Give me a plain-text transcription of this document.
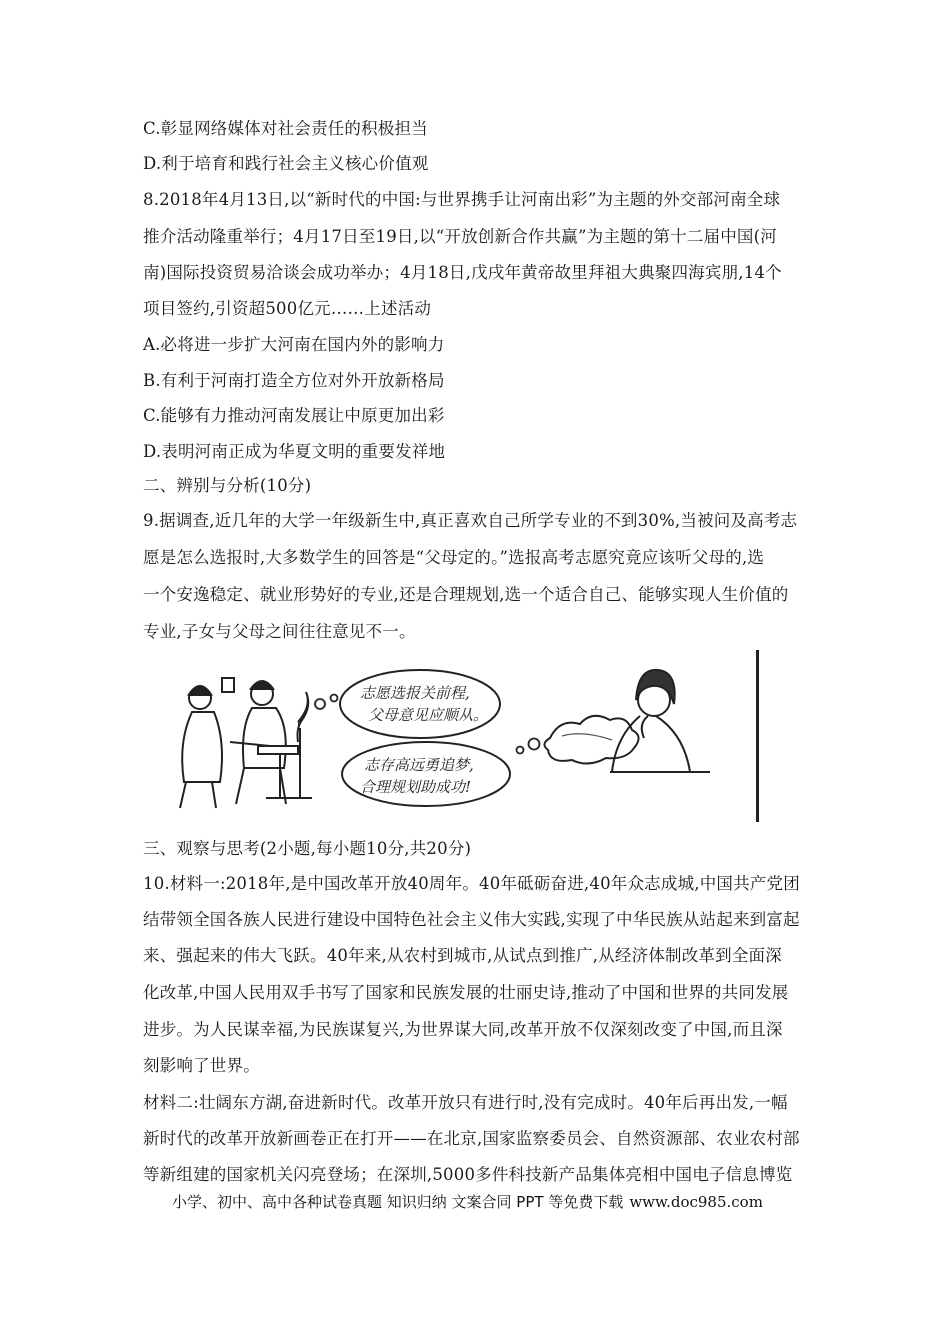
C.彰显网络媒体对社会责任的积极担当
D.利于培育和践行社会主义核心价值观
8.2018年4月13日,以“新时代的中国:与世界携手让河南出彩”为主题的外交部河南全球
推介活动隆重举行；4月17日至19日,以“开放创新合作共赢”为主题的第十二届中国(河
南)国际投资贸易洽谈会成功举办；4月18日,戊戌年黄帝故里拜祖大典聚四海宾朋,14个
项目签约,引资超500亿元……上述活动
A.必将进一步扩大河南在国内外的影响力
B.有利于河南打造全方位对外开放新格局
C.能够有力推动河南发展让中原更加出彩
D.表明河南正成为华夏文明的重要发祥地
二、辨别与分析(10分)
9.据调查,近几年的大学一年级新生中,真正喜欢自己所学专业的不到30%,当被问及高考志
愿是怎么选报时,大多数学生的回答是“父母定的。”选报高考志愿究竟应该听父母的,选
一个安逸稳定、就业形势好的专业,还是合理规划,选一个适合自己、能够实现人生价值的
专业,子女与父母之间往往意见不一。
志愿选报关前程,
父母意见应顺从。
志存高远勇追梦,
合理规划助成功!
三、观察与思考(2小题,每小题10分,共20分)
10.材料一:2018年,是中国改革开放40周年。40年砥砺奋进,40年众志成城,中国共产党团
结带领全国各族人民进行建设中国特色社会主义伟大实践,实现了中华民族从站起来到富起
来、强起来的伟大飞跃。40年来,从农村到城市,从试点到推广,从经济体制改革到全面深
化改革,中国人民用双手书写了国家和民族发展的壮丽史诗,推动了中国和世界的共同发展
进步。为人民谋幸福,为民族谋复兴,为世界谋大同,改革开放不仅深刻改变了中国,而且深
刻影响了世界。
材料二:壮阔东方湖,奋进新时代。改革开放只有进行时,没有完成时。40年后再出发,一幅
新时代的改革开放新画卷正在打开——在北京,国家监察委员会、自然资源部、农业农村部
等新组建的国家机关闪亮登场；在深圳,5000多件科技新产品集体亮相中国电子信息博览
小学、初中、高中各种试卷真题 知识归纳 文案合同 PPT 等免费下载 www.doc985.com
